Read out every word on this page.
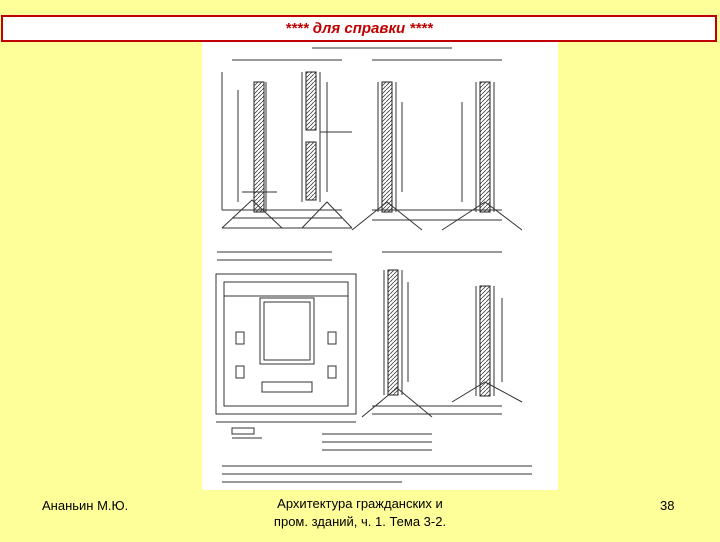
**** для справки ****
Ананьин М.Ю.	Архитектура гражданских и
пром. зданий, ч. 1. Тема 3-2.
38
